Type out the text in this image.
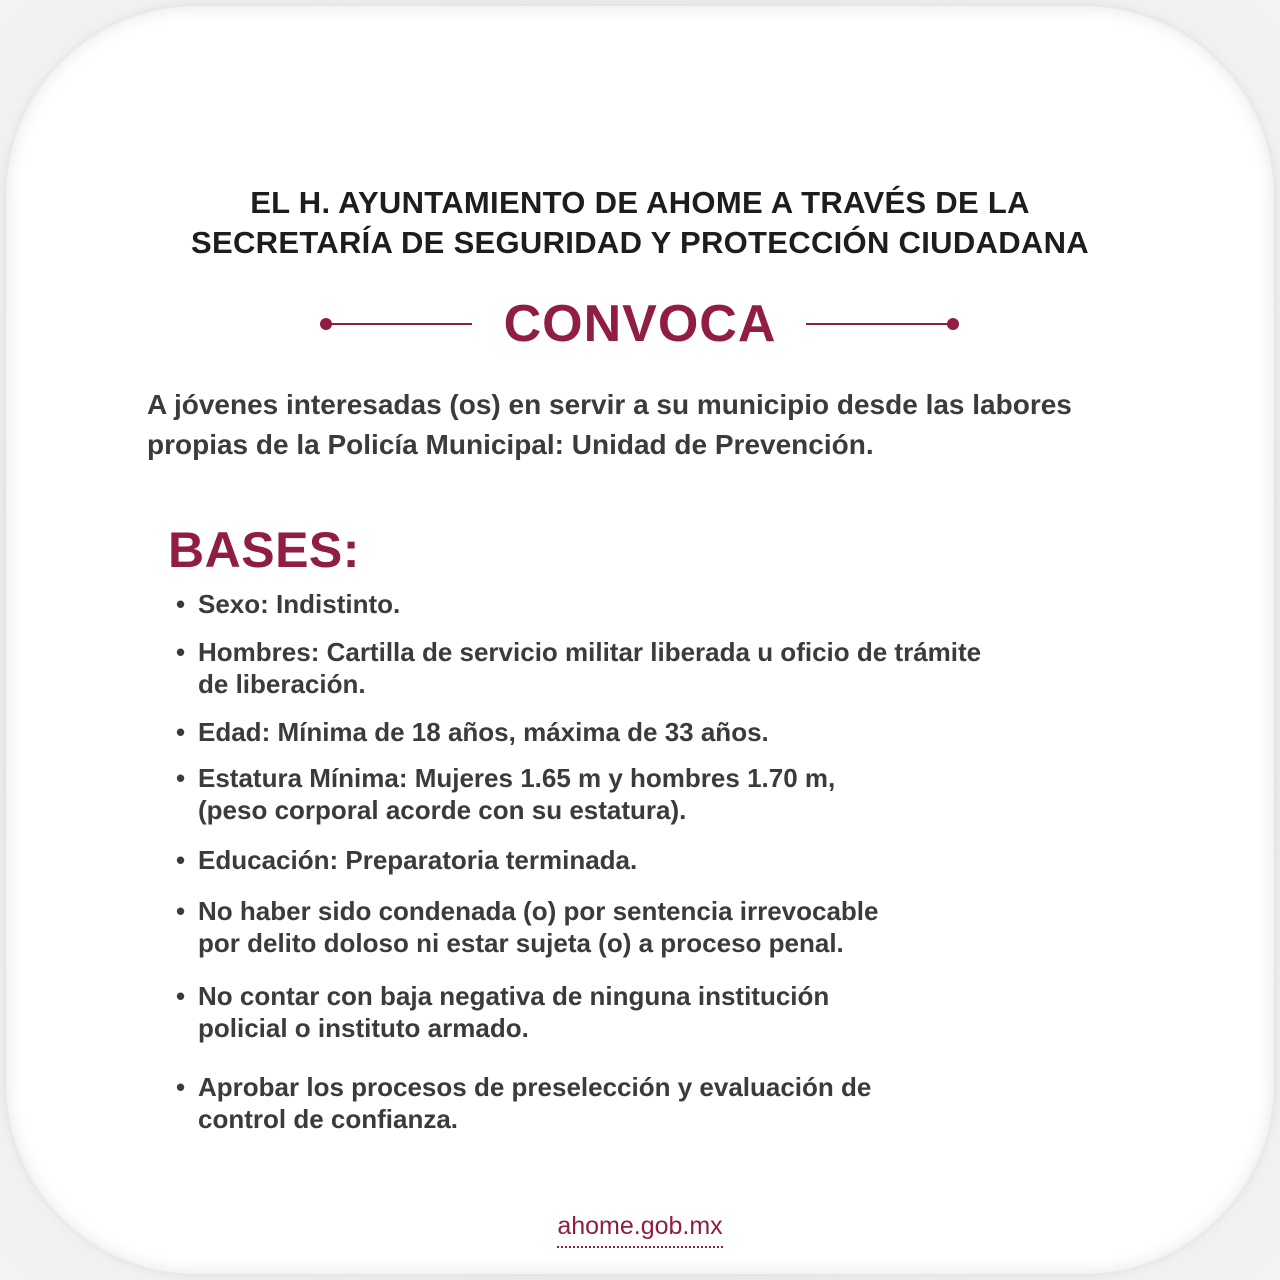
EL H. AYUNTAMIENTO DE AHOME A TRAVÉS DE LA
SECRETARÍA DE SEGURIDAD Y PROTECCIÓN CIUDADANA
CONVOCA
A jóvenes interesadas (os) en servir a su municipio desde las labores propias de la Policía Municipal: Unidad de Prevención.
BASES:
• Sexo: Indistinto.
• Hombres: Cartilla de servicio militar liberada u oficio de trámite
de liberación.
• Edad: Mínima de 18 años, máxima de 33 años.
• Estatura Mínima: Mujeres 1.65 m y hombres 1.70 m,
(peso corporal acorde con su estatura).
• Educación: Preparatoria terminada.
• No haber sido condenada (o) por sentencia irrevocable
por delito doloso ni estar sujeta (o) a proceso penal.
• No contar con baja negativa de ninguna institución
policial o instituto armado.
• Aprobar los procesos de preselección y evaluación de
control de confianza.
ahome.gob.mx
